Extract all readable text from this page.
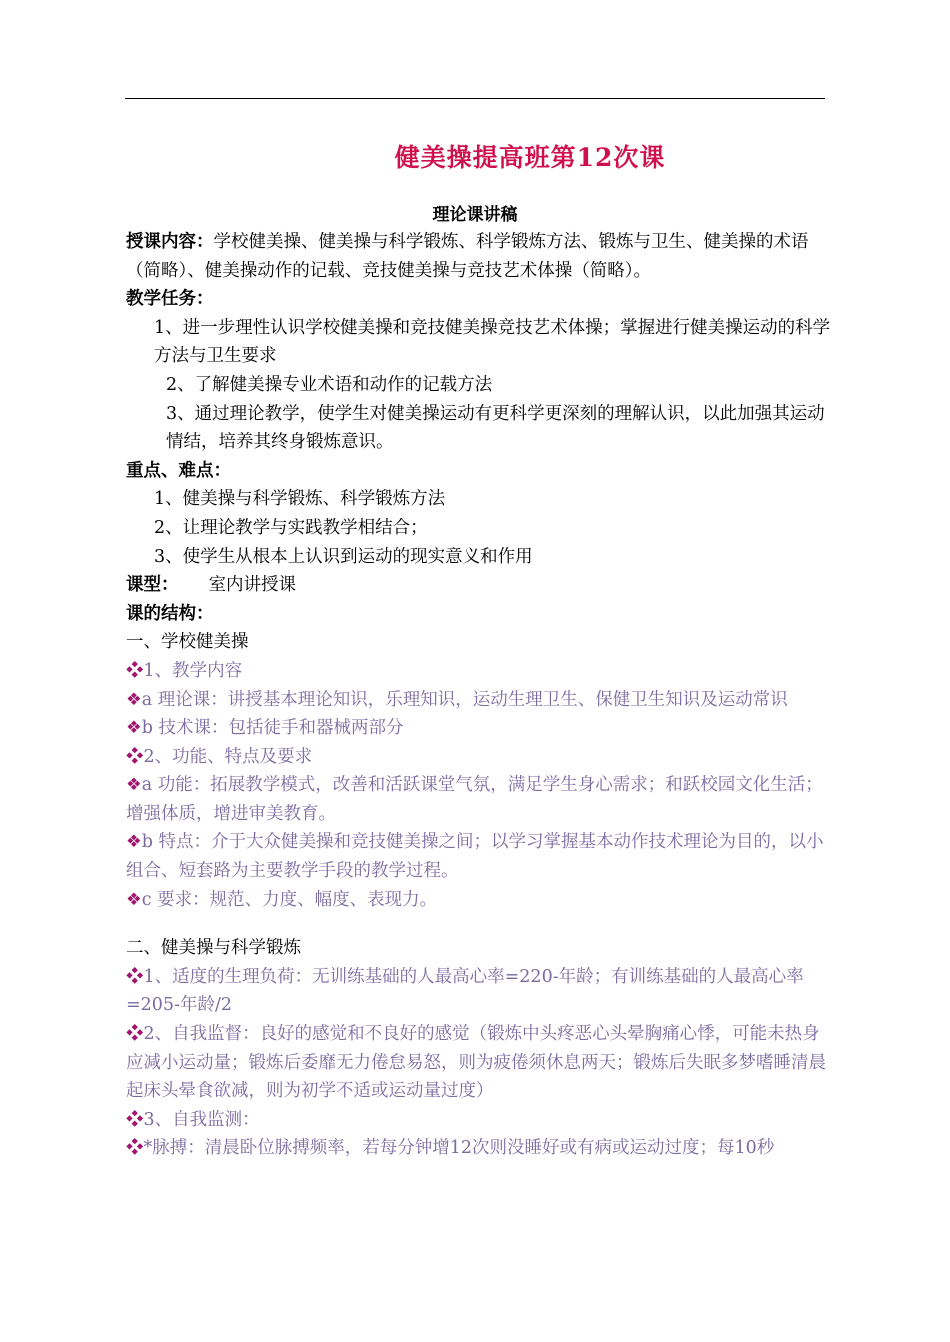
健美操提高班第12次课
理论课讲稿

授课内容：学校健美操、健美操与科学锻炼、科学锻炼方法、锻炼与卫生、健美操的术语（简略）、健美操动作的记载、竞技健美操与竞技艺术体操（简略）。

教学任务：

1、进一步理性认识学校健美操和竞技健美操竞技艺术体操；掌握进行健美操运动的科学方法与卫生要求

2、了解健美操专业术语和动作的记载方法

3、通过理论教学，使学生对健美操运动有更科学更深刻的理解认识，以此加强其运动情结，培养其终身锻炼意识。

重点、难点：

1、健美操与科学锻炼、科学锻炼方法

2、让理论教学与实践教学相结合；

3、使学生从根本上认识到运动的现实意义和作用

课型： 室内讲授课

课的结构：

一、学校健美操

❖1、教学内容

❖a 理论课：讲授基本理论知识，乐理知识，运动生理卫生、保健卫生知识及运动常识

❖b 技术课：包括徒手和器械两部分

❖2、功能、特点及要求

❖a 功能：拓展教学模式，改善和活跃课堂气氛，满足学生身心需求；和跃校园文化生活；增强体质，增进审美教育。

❖b 特点：介于大众健美操和竞技健美操之间；以学习掌握基本动作技术理论为目的，以小组合、短套路为主要教学手段的教学过程。

❖c 要求：规范、力度、幅度、表现力。

二、健美操与科学锻炼

❖1、适度的生理负荷：无训练基础的人最高心率=220-年龄；有训练基础的人最高心率=205-年龄/2

❖2、自我监督：良好的感觉和不良好的感觉（锻炼中头疼恶心头晕胸痛心悸，可能未热身应减小运动量；锻炼后委靡无力倦怠易怒，则为疲倦须休息两天；锻炼后失眠多梦嗜睡清晨起床头晕食欲减，则为初学不适或运动量过度）

❖3、自我监测：

❖*脉搏：清晨卧位脉搏频率，若每分钟增12次则没睡好或有病或运动过度；每10秒
